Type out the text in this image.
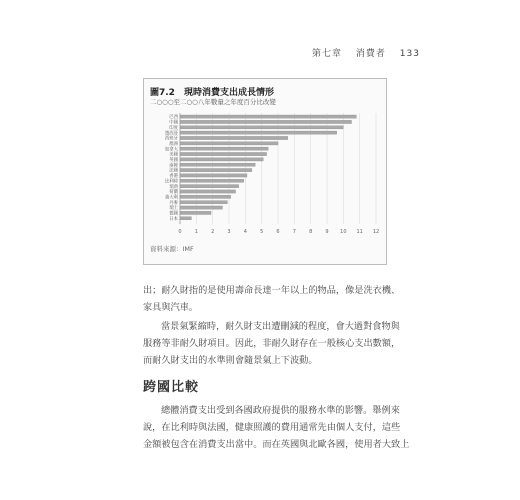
第七章 消費者 133
圖7.2　現時消費支出成長情形
二○○○至二○○八年數量之年度百分比改變
0	1	2	3	4	5	6	7	8	9 10 11 12
巴西
中國
印度
墨西哥
西班牙
澳洲
加拿大
美國
英國
南韓
法國
香港
比利時
瑞典
荷蘭
義大利
丹麥
瑞士
德國
日本
資料來源：IMF
出；耐久財指的是使用壽命長達一年以上的物品，像是洗衣機、
家具與汽車。
當景氣緊縮時，耐久財支出遭刪減的程度，會大過對食物與
服務等非耐久財項目。因此，非耐久財存在一般核心支出數額，
而耐久財支出的水準則會隨景氣上下波動。
跨國比較
總體消費支出受到各國政府提供的服務水準的影響。舉例來
說，在比利時與法國，健康照護的費用通常先由個人支付，這些
金額被包含在消費支出當中。而在英國與北歐各國，使用者大致上
